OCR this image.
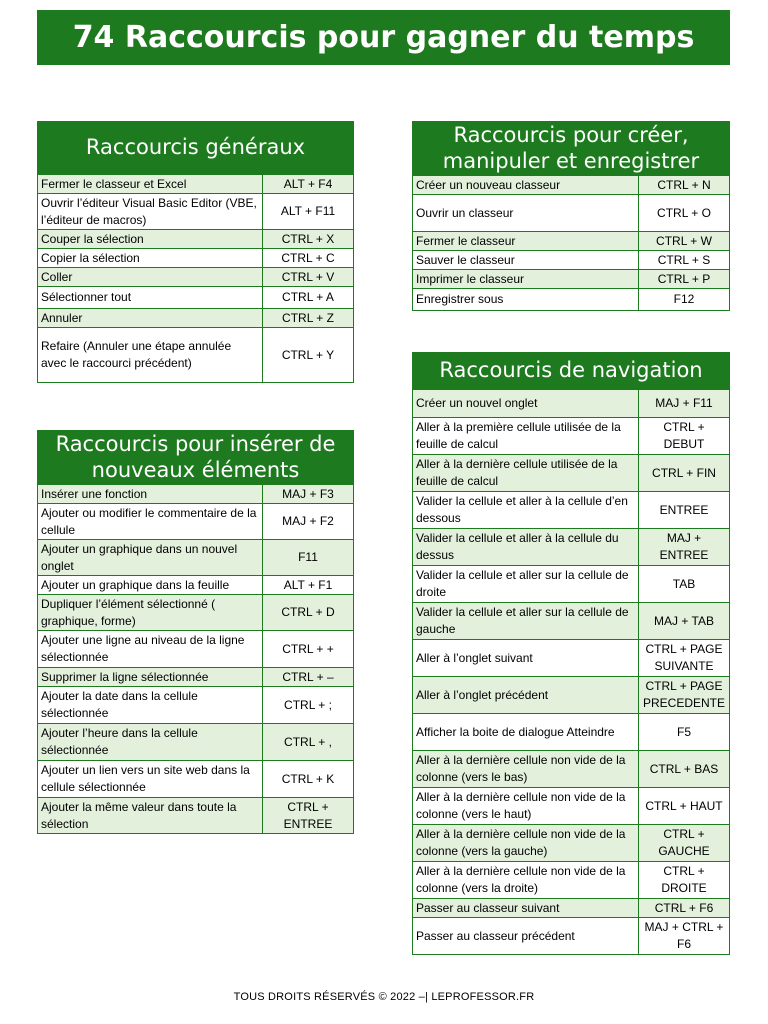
74 Raccourcis pour gagner du temps
Raccourcis généraux
Fermer le classeur et Excel	ALT + F4
Ouvrir l’éditeur Visual Basic Editor (VBE, l’éditeur de macros)	ALT + F11
Couper la sélection	CTRL + X
Copier la sélection	CTRL + C
Coller	CTRL + V
Sélectionner tout	CTRL + A
Annuler	CTRL + Z
Refaire (Annuler une étape annulée avec le raccourci précédent)	CTRL + Y
Raccourcis pour insérer de nouveaux éléments
Insérer une fonction	MAJ + F3
Ajouter ou modifier le commentaire de la cellule	MAJ + F2
Ajouter un graphique dans un nouvel onglet	F11
Ajouter un graphique dans la feuille	ALT + F1
Dupliquer l’élément sélectionné ( graphique, forme)	CTRL + D
Ajouter une ligne au niveau de la ligne sélectionnée	CTRL + +
Supprimer la ligne sélectionnée	CTRL + –
Ajouter la date dans la cellule sélectionnée	CTRL + ;
Ajouter l’heure dans la cellule sélectionnée	CTRL + ,
Ajouter un lien vers un site web dans la cellule sélectionnée	CTRL + K
Ajouter la même valeur dans toute la sélection	CTRL + ENTREE
Raccourcis pour créer, manipuler et enregistrer
Créer un nouveau classeur	CTRL + N
Ouvrir un classeur	CTRL + O
Fermer le classeur	CTRL + W
Sauver le classeur	CTRL + S
Imprimer le classeur	CTRL + P
Enregistrer sous	F12
Raccourcis de navigation
Créer un nouvel onglet	MAJ + F11
Aller à la première cellule utilisée de la feuille de calcul	CTRL + DEBUT
Aller à la dernière cellule utilisée de la feuille de calcul	CTRL + FIN
Valider la cellule et aller à la cellule d’en dessous	ENTREE
Valider la cellule et aller à la cellule du dessus	MAJ + ENTREE
Valider la cellule et aller sur la cellule de droite	TAB
Valider la cellule et aller sur la cellule de gauche	MAJ + TAB
Aller à l’onglet suivant	CTRL + PAGE SUIVANTE
Aller à l’onglet précédent	CTRL + PAGE PRECEDENTE
Afficher la boite de dialogue Atteindre	F5
Aller à la dernière cellule non vide de la colonne (vers le bas)	CTRL + BAS
Aller à la dernière cellule non vide de la colonne (vers le haut)	CTRL + HAUT
Aller à la dernière cellule non vide de la colonne (vers la gauche)	CTRL + GAUCHE
Aller à la dernière cellule non vide de la colonne (vers la droite)	CTRL + DROITE
Passer au classeur suivant	CTRL + F6
Passer au classeur précédent	MAJ + CTRL + F6
TOUS DROITS RÉSERVÉS © 2022 –| LEPROFESSOR.FR
